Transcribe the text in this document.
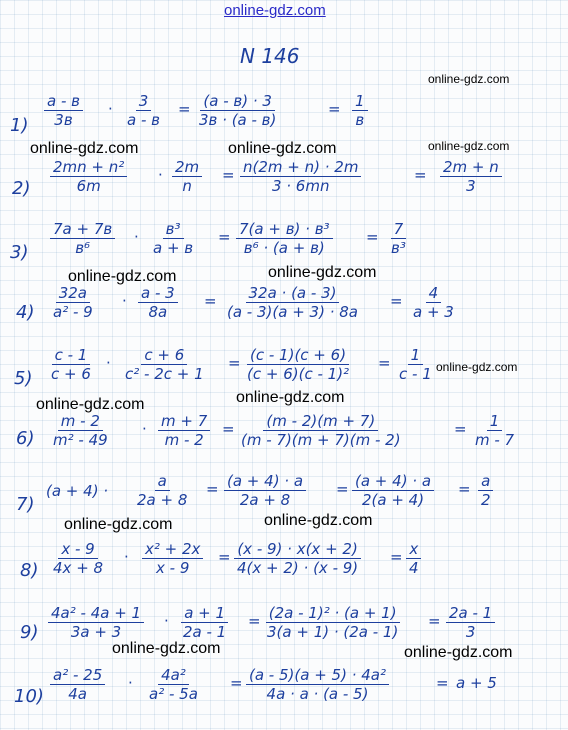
online-gdz.com
N 146
online-gdz.com
online-gdz.com	online-gdz.com	online-gdz.com
online-gdz.com	online-gdz.com
online-gdz.com
online-gdz.com
online-gdz.com
online-gdz.com	online-gdz.com
online-gdz.com	online-gdz.com
1)
a - в
3в
· 3
a - в
= (a - в) · 3
3в · (a - в)
= 1
в
$2) \frac{\text{2mn + n²}}{6m} \cdot \frac{2m}{n} = \frac{n(2m + n) \cdot 2m}{3 \cdot 6mn}$	= $\frac{2m + n}{3}$
3)
7a + 7в
в⁶
· в³
a + в
= 7(a + в) · в³
в⁶ · (a + в)
= 7
в³
$4) \frac{32a}{\text{a² - 9}} \cdot \frac{a - 3}{8a} = \frac{32a \cdot (a - 3)}{(a - 3)(a + 3) \cdot 8a} = \frac{4}{a + 3}$
$5) \frac{c - 1}{c + 6} \cdot \frac{c + 6}{\text{c² - 2c + 1}} = \frac{(c - 1)(c + 6)}{\text{(c + 6)(c - 1)²}} = \frac{1}{c - 1}$
$6) \frac{m - 2}{\text{m² - 49}} \cdot \frac{m + 7}{m - 2} = \frac{(m - 2)(m + 7)}{(m - 7)(m + 7)(m - 2)}$	= $\frac{1}{m - 7}$
7)
$(a + 4) \cdot \frac{a}{2a + 8} = \frac{(a + 4) \cdot a}{2a + 8} = \frac{(a + 4) \cdot a}{2(a + 4)} = \frac{a}{2}$
$8) \frac{x - 9}{4x + 8} \cdot \frac{\text{x² + 2x}}{x - 9} = \frac{(x - 9) \cdot x(x + 2)}{4(x + 2) \cdot (x - 9)} = \frac{x}{4}$
$9) \frac{\text{4a² - 4a + 1}}{3a + 3} \cdot \frac{a + 1}{2a - 1} = \frac{\text{(2a - 1)² · (a + 1)}}{3(a + 1) \cdot (2a - 1)} = \frac{2a - 1}{3}$
$10) \frac{\text{a² - 25}}{4a} \cdot \frac{\text{4a²}}{\text{a² - 5a}} = \frac{\text{(a - 5)(a + 5) · 4a²}}{4a \cdot a \cdot (a - 5)}$	= a + 5
